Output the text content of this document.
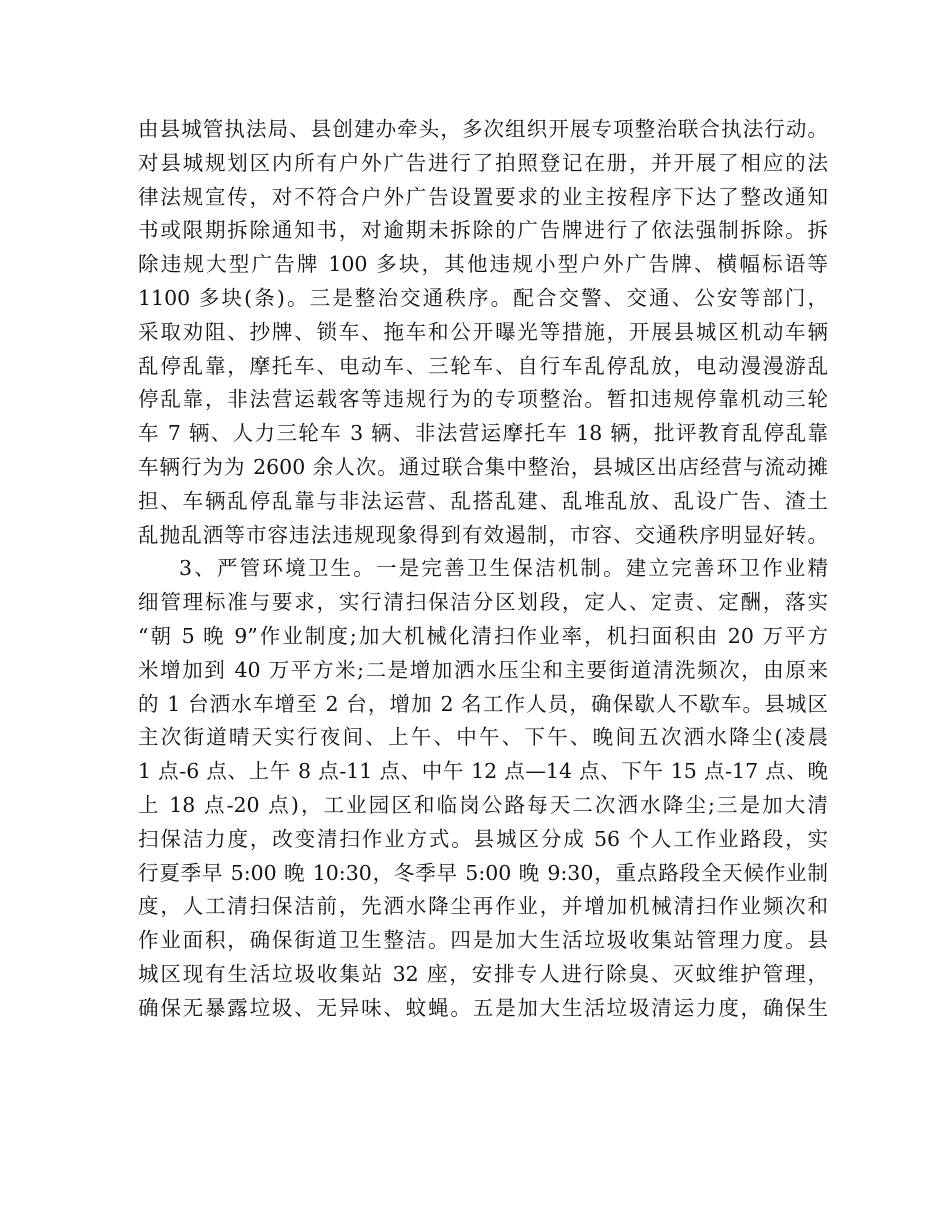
由县城管执法局、县创建办牵头，多次组织开展专项整治联合执法行动。
对县城规划区内所有户外广告进行了拍照登记在册，并开展了相应的法
律法规宣传，对不符合户外广告设置要求的业主按程序下达了整改通知
书或限期拆除通知书，对逾期未拆除的广告牌进行了依法强制拆除。拆
除违规大型广告牌 100 多块，其他违规小型户外广告牌、横幅标语等
1100 多块(条)。三是整治交通秩序。配合交警、交通、公安等部门，
采取劝阻、抄牌、锁车、拖车和公开曝光等措施，开展县城区机动车辆
乱停乱靠，摩托车、电动车、三轮车、自行车乱停乱放，电动漫漫游乱
停乱靠，非法营运载客等违规行为的专项整治。暂扣违规停靠机动三轮
车 7 辆、人力三轮车 3 辆、非法营运摩托车 18 辆，批评教育乱停乱靠
车辆行为为 2600 余人次。通过联合集中整治，县城区出店经营与流动摊
担、车辆乱停乱靠与非法运营、乱搭乱建、乱堆乱放、乱设广告、渣土
乱抛乱洒等市容违法违规现象得到有效遏制，市容、交通秩序明显好转。
3、严管环境卫生。一是完善卫生保洁机制。建立完善环卫作业精
细管理标准与要求，实行清扫保洁分区划段，定人、定责、定酬，落实
“朝 5 晚 9”作业制度;加大机械化清扫作业率，机扫面积由 20 万平方
米增加到 40 万平方米;二是增加洒水压尘和主要街道清洗频次，由原来
的 1 台洒水车增至 2 台，增加 2 名工作人员，确保歇人不歇车。县城区
主次街道晴天实行夜间、上午、中午、下午、晚间五次洒水降尘(凌晨
1 点-6 点、上午 8 点-11 点、中午 12 点—14 点、下午 15 点-17 点、晚
上 18 点-20 点)，工业园区和临岗公路每天二次洒水降尘;三是加大清
扫保洁力度，改变清扫作业方式。县城区分成 56 个人工作业路段，实
行夏季早 5:00 晚 10:30，冬季早 5:00 晚 9:30，重点路段全天候作业制
度，人工清扫保洁前，先洒水降尘再作业，并增加机械清扫作业频次和
作业面积，确保街道卫生整洁。四是加大生活垃圾收集站管理力度。县
城区现有生活垃圾收集站 32 座，安排专人进行除臭、灭蚊维护管理，
确保无暴露垃圾、无异味、蚊蝇。五是加大生活垃圾清运力度，确保生
